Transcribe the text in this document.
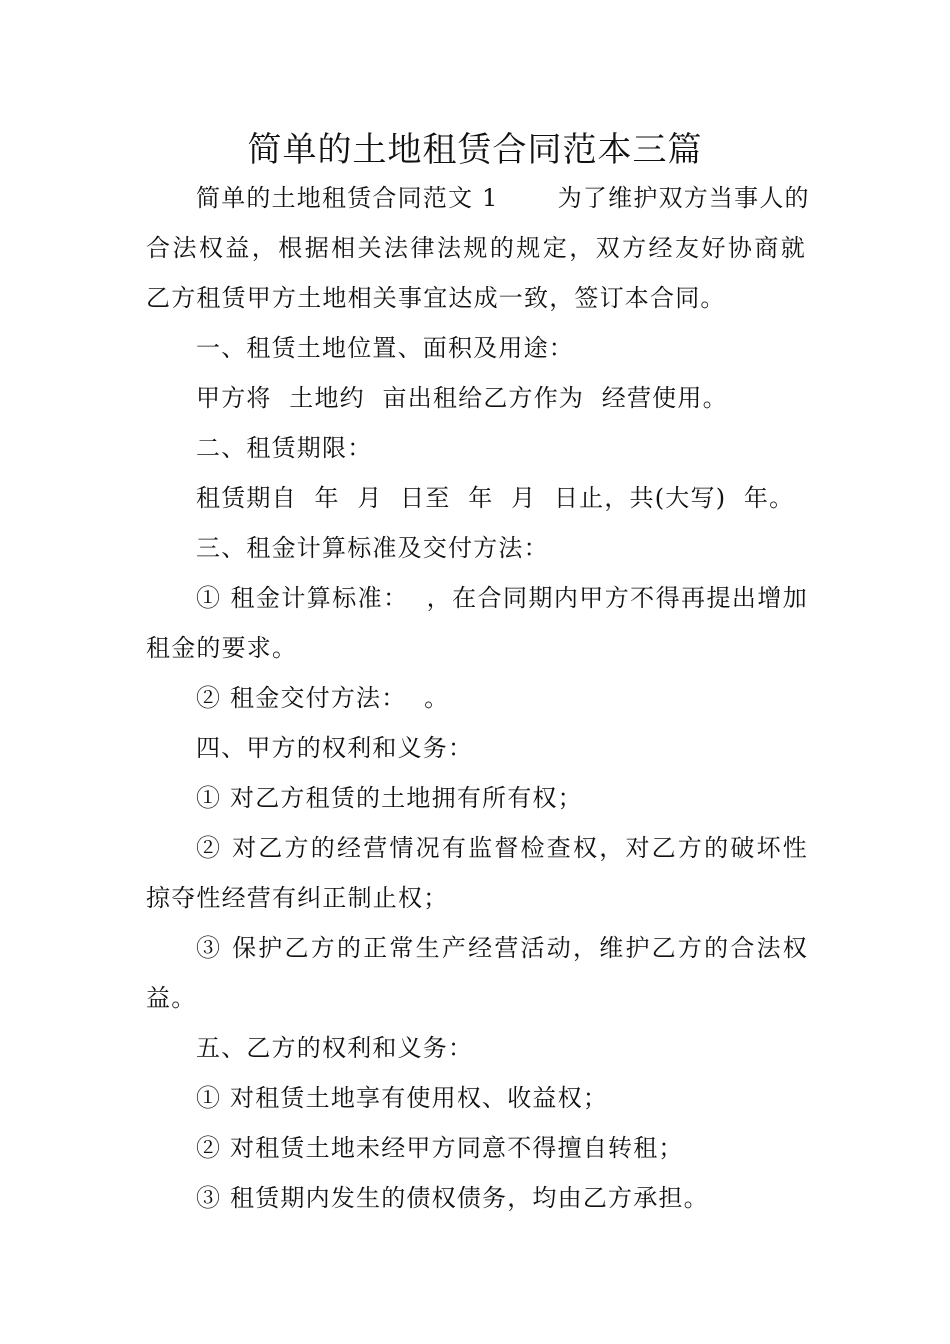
简单的土地租赁合同范本三篇
简单的土地租赁合同范文 1　　 为了维护双方当事人的
合法权益，根据相关法律法规的规定，双方经友好协商就
乙方租赁甲方土地相关事宜达成一致，签订本合同。
一、租赁土地位置、面积及用途：
甲方将  土地约  亩出租给乙方作为  经营使用。
二、租赁期限：
租赁期自  年  月  日至  年  月  日止，共(大写)  年。
三、租金计算标准及交付方法：
① 租金计算标准：  ，在合同期内甲方不得再提出增加
租金的要求。
② 租金交付方法：  。
四、甲方的权利和义务：
① 对乙方租赁的土地拥有所有权；
② 对乙方的经营情况有监督检查权，对乙方的破坏性
掠夺性经营有纠正制止权；
③ 保护乙方的正常生产经营活动，维护乙方的合法权
益。
五、乙方的权利和义务：
① 对租赁土地享有使用权、收益权；
② 对租赁土地未经甲方同意不得擅自转租；
③ 租赁期内发生的债权债务，均由乙方承担。
